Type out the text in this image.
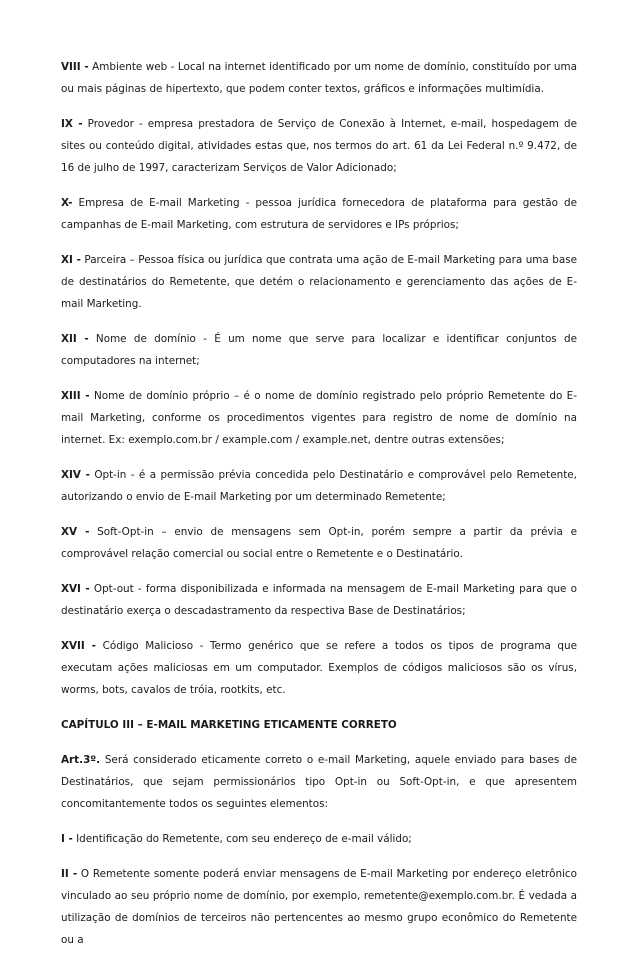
VIII - Ambiente web - Local na internet identificado por um nome de domínio, constituído por uma ou mais páginas de hipertexto, que podem conter textos, gráficos e informações multimídia.

IX - Provedor - empresa prestadora de Serviço de Conexão à Internet, e-mail, hospedagem de sites ou conteúdo digital, atividades estas que, nos termos do art. 61 da Lei Federal n.º 9.472, de 16 de julho de 1997, caracterizam Serviços de Valor Adicionado;

X- Empresa de E-mail Marketing - pessoa jurídica fornecedora de plataforma para gestão de campanhas de E-mail Marketing, com estrutura de servidores e IPs próprios;

XI - Parceira – Pessoa física ou jurídica que contrata uma ação de E-mail Marketing para uma base de destinatários do Remetente, que detém o relacionamento e gerenciamento das ações de E-mail Marketing.

XII - Nome de domínio - É um nome que serve para localizar e identificar conjuntos de computadores na internet;

XIII - Nome de domínio próprio – é o nome de domínio registrado pelo próprio Remetente do E-mail Marketing, conforme os procedimentos vigentes para registro de nome de domínio na internet. Ex: exemplo.com.br / example.com / example.net, dentre outras extensões;

XIV - Opt-in - é a permissão prévia concedida pelo Destinatário e comprovável pelo Remetente, autorizando o envio de E-mail Marketing por um determinado Remetente;

XV - Soft-Opt-in – envio de mensagens sem Opt-in, porém sempre a partir da prévia e comprovável relação comercial ou social entre o Remetente e o Destinatário.

XVI - Opt-out - forma disponibilizada e informada na mensagem de E-mail Marketing para que o destinatário exerça o descadastramento da respectiva Base de Destinatários;

XVII - Código Malicioso - Termo genérico que se refere a todos os tipos de programa que executam ações maliciosas em um computador. Exemplos de códigos maliciosos são os vírus, worms, bots, cavalos de tróia, rootkits, etc.

CAPÍTULO III – E-MAIL MARKETING ETICAMENTE CORRETO

Art.3º. Será considerado eticamente correto o e-mail Marketing, aquele enviado para bases de Destinatários, que sejam permissionários tipo Opt-in ou Soft-Opt-in, e que apresentem concomitantemente todos os seguintes elementos:

I - Identificação do Remetente, com seu endereço de e-mail válido;

II - O Remetente somente poderá enviar mensagens de E-mail Marketing por endereço eletrônico vinculado ao seu próprio nome de domínio, por exemplo, remetente@exemplo.com.br. É vedada a utilização de domínios de terceiros não pertencentes ao mesmo grupo econômico do Remetente ou a
